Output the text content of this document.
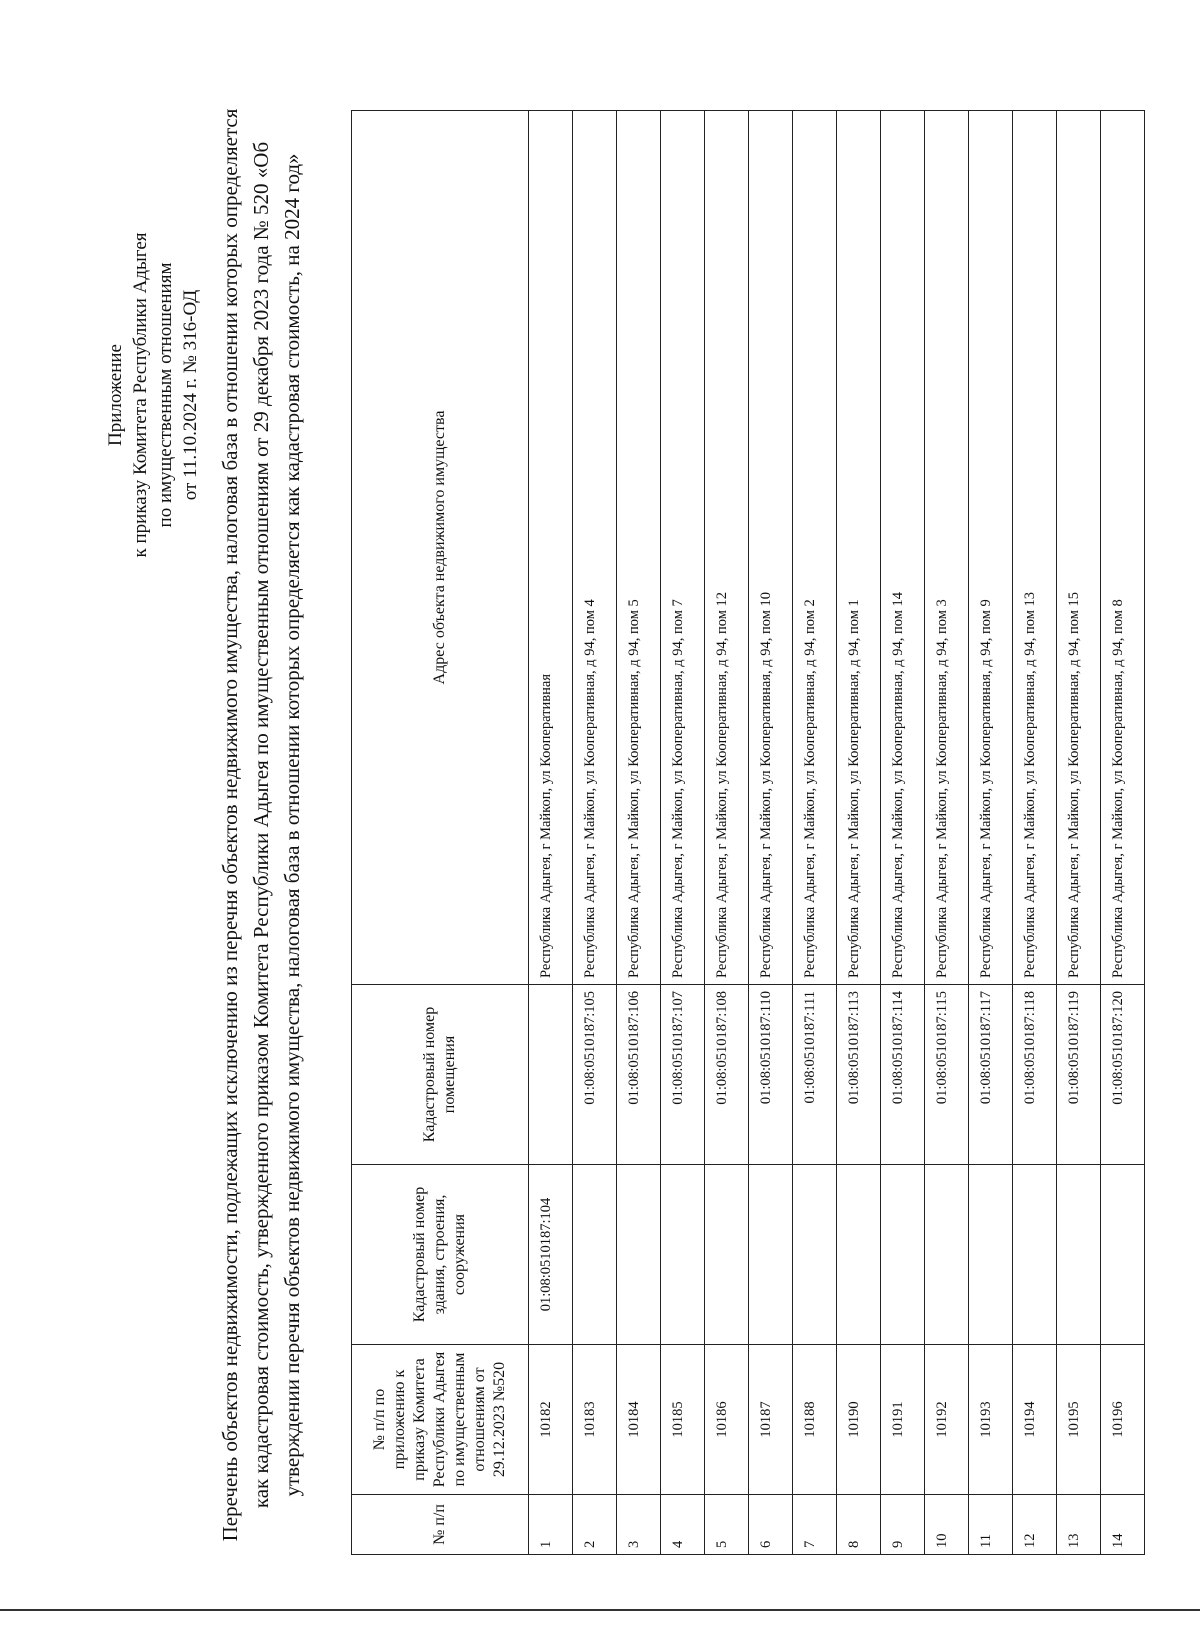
Приложение к приказу Комитета Республики Адыгея по имущественным отношениям от 11.10.2024 г. № 316-ОД Перечень объектов недвижимости, подлежащих исключению из перечня объектов недвижимого имущества, налоговая база в отношении которых определяется как кадастровая стоимость, утвержденного приказом Комитета Республики Адыгея по имущественным отношениям от 29 декабря 2023 года № 520 «Об утверждении перечня объектов недвижимого имущества, налоговая база в отношении которых определяется как кадастровая стоимость, на 2024 год»
№ п/п	№ п/п по приложению к приказу Комитета Республики Адыгея по имущественным отношениям от 29.12.2023 №520	Кадастровый номер здания, строения, сооружения	Кадастровый номер помещения	Адрес объекта недвижимого имущества
1	10182	01:08:0510187:104		Республика Адыгея, г Майкоп, ул Кооперативная
2	10183		01:08:0510187:105	Республика Адыгея, г Майкоп, ул Кооперативная, д 94, пом 4
3	10184		01:08:0510187:106	Республика Адыгея, г Майкоп, ул Кооперативная, д 94, пом 5
4	10185		01:08:0510187:107	Республика Адыгея, г Майкоп, ул Кооперативная, д 94, пом 7
5	10186		01:08:0510187:108	Республика Адыгея, г Майкоп, ул Кооперативная, д 94, пом 12
6	10187		01:08:0510187:110	Республика Адыгея, г Майкоп, ул Кооперативная, д 94, пом 10
7	10188		01:08:0510187:111	Республика Адыгея, г Майкоп, ул Кооперативная, д 94, пом 2
8	10190		01:08:0510187:113	Республика Адыгея, г Майкоп, ул Кооперативная, д 94, пом 1
9	10191		01:08:0510187:114	Республика Адыгея, г Майкоп, ул Кооперативная, д 94, пом 14
10	10192		01:08:0510187:115	Республика Адыгея, г Майкоп, ул Кооперативная, д 94, пом 3
11	10193		01:08:0510187:117	Республика Адыгея, г Майкоп, ул Кооперативная, д 94, пом 9
12	10194		01:08:0510187:118	Республика Адыгея, г Майкоп, ул Кооперативная, д 94, пом 13
13	10195		01:08:0510187:119	Республика Адыгея, г Майкоп, ул Кооперативная, д 94, пом 15
14	10196		01:08:0510187:120	Республика Адыгея, г Майкоп, ул Кооперативная, д 94, пом 8
